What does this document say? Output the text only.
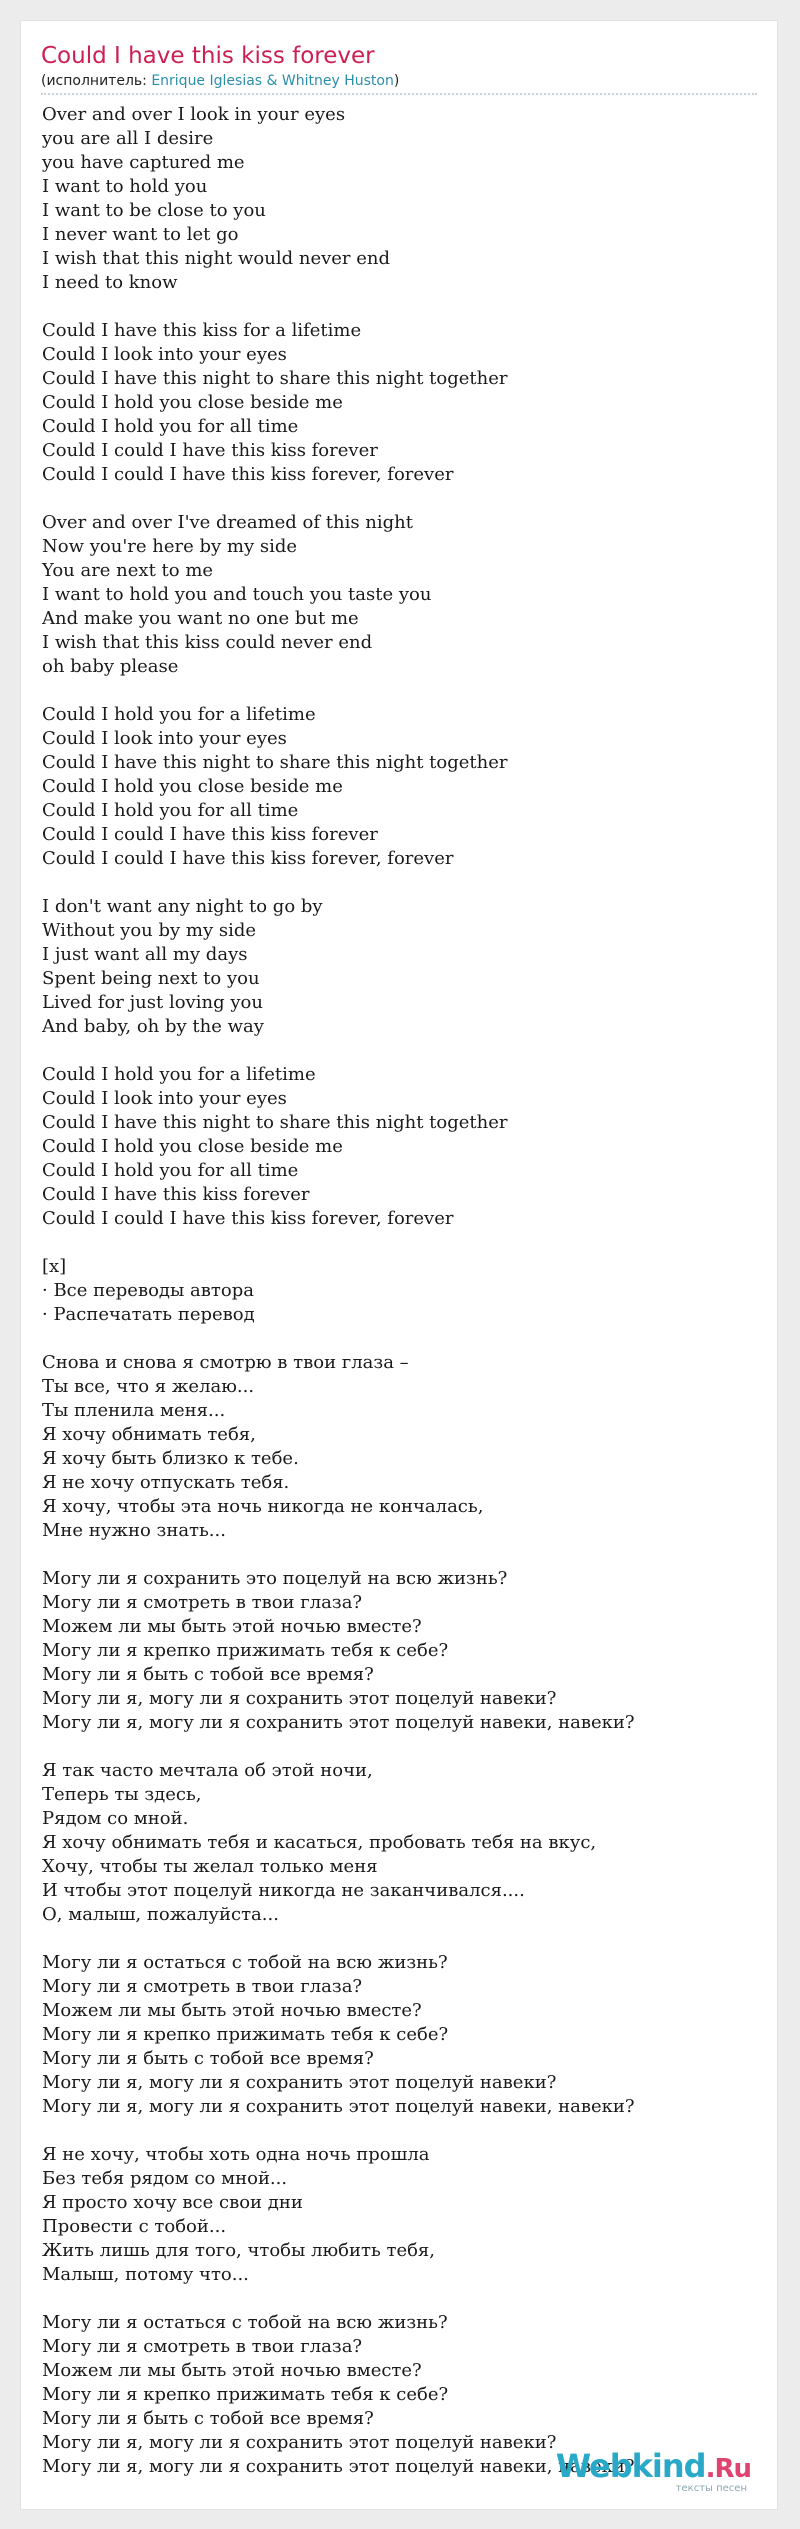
Could I have this kiss forever
(исполнитель: Enrique Iglesias & Whitney Huston)
Over and over I look in your eyes
you are all I desire
you have captured me
I want to hold you
I want to be close to you
I never want to let go
I wish that this night would never end
I need to know
Could I have this kiss for a lifetime
Could I look into your eyes
Could I have this night to share this night together
Could I hold you close beside me
Could I hold you for all time
Could I could I have this kiss forever
Could I could I have this kiss forever, forever
Over and over I've dreamed of this night
Now you're here by my side
You are next to me
I want to hold you and touch you taste you
And make you want no one but me
I wish that this kiss could never end
oh baby please
Could I hold you for a lifetime
Could I look into your eyes
Could I have this night to share this night together
Could I hold you close beside me
Could I hold you for all time
Could I could I have this kiss forever
Could I could I have this kiss forever, forever
I don't want any night to go by
Without you by my side
I just want all my days
Spent being next to you
Lived for just loving you
And baby, oh by the way
Could I hold you for a lifetime
Could I look into your eyes
Could I have this night to share this night together
Could I hold you close beside me
Could I hold you for all time
Could I have this kiss forever
Could I could I have this kiss forever, forever
[x]
· Все переводы автора
· Распечатать перевод
Снова и снова я смотрю в твои глаза –
Ты все, что я желаю...
Ты пленила меня...
Я хочу обнимать тебя,
Я хочу быть близко к тебе.
Я не хочу отпускать тебя.
Я хочу, чтобы эта ночь никогда не кончалась,
Мне нужно знать...
Могу ли я сохранить это поцелуй на всю жизнь?
Могу ли я смотреть в твои глаза?
Можем ли мы быть этой ночью вместе?
Могу ли я крепко прижимать тебя к себе?
Могу ли я быть с тобой все время?
Могу ли я, могу ли я сохранить этот поцелуй навеки?
Могу ли я, могу ли я сохранить этот поцелуй навеки, навеки?
Я так часто мечтала об этой ночи,
Теперь ты здесь,
Рядом со мной.
Я хочу обнимать тебя и касаться, пробовать тебя на вкус,
Хочу, чтобы ты желал только меня
И чтобы этот поцелуй никогда не заканчивался....
О, малыш, пожалуйста...
Могу ли я остаться с тобой на всю жизнь?
Могу ли я смотреть в твои глаза?
Можем ли мы быть этой ночью вместе?
Могу ли я крепко прижимать тебя к себе?
Могу ли я быть с тобой все время?
Могу ли я, могу ли я сохранить этот поцелуй навеки?
Могу ли я, могу ли я сохранить этот поцелуй навеки, навеки?
Я не хочу, чтобы хоть одна ночь прошла
Без тебя рядом со мной...
Я просто хочу все свои дни
Провести с тобой...
Жить лишь для того, чтобы любить тебя,
Малыш, потому что...
Могу ли я остаться с тобой на всю жизнь?
Могу ли я смотреть в твои глаза?
Можем ли мы быть этой ночью вместе?
Могу ли я крепко прижимать тебя к себе?
Могу ли я быть с тобой все время?
Могу ли я, могу ли я сохранить этот поцелуй навеки?
Могу ли я, могу ли я сохранить этот поцелуй навеки, навеки?
Webkind.Ru
тексты песен
